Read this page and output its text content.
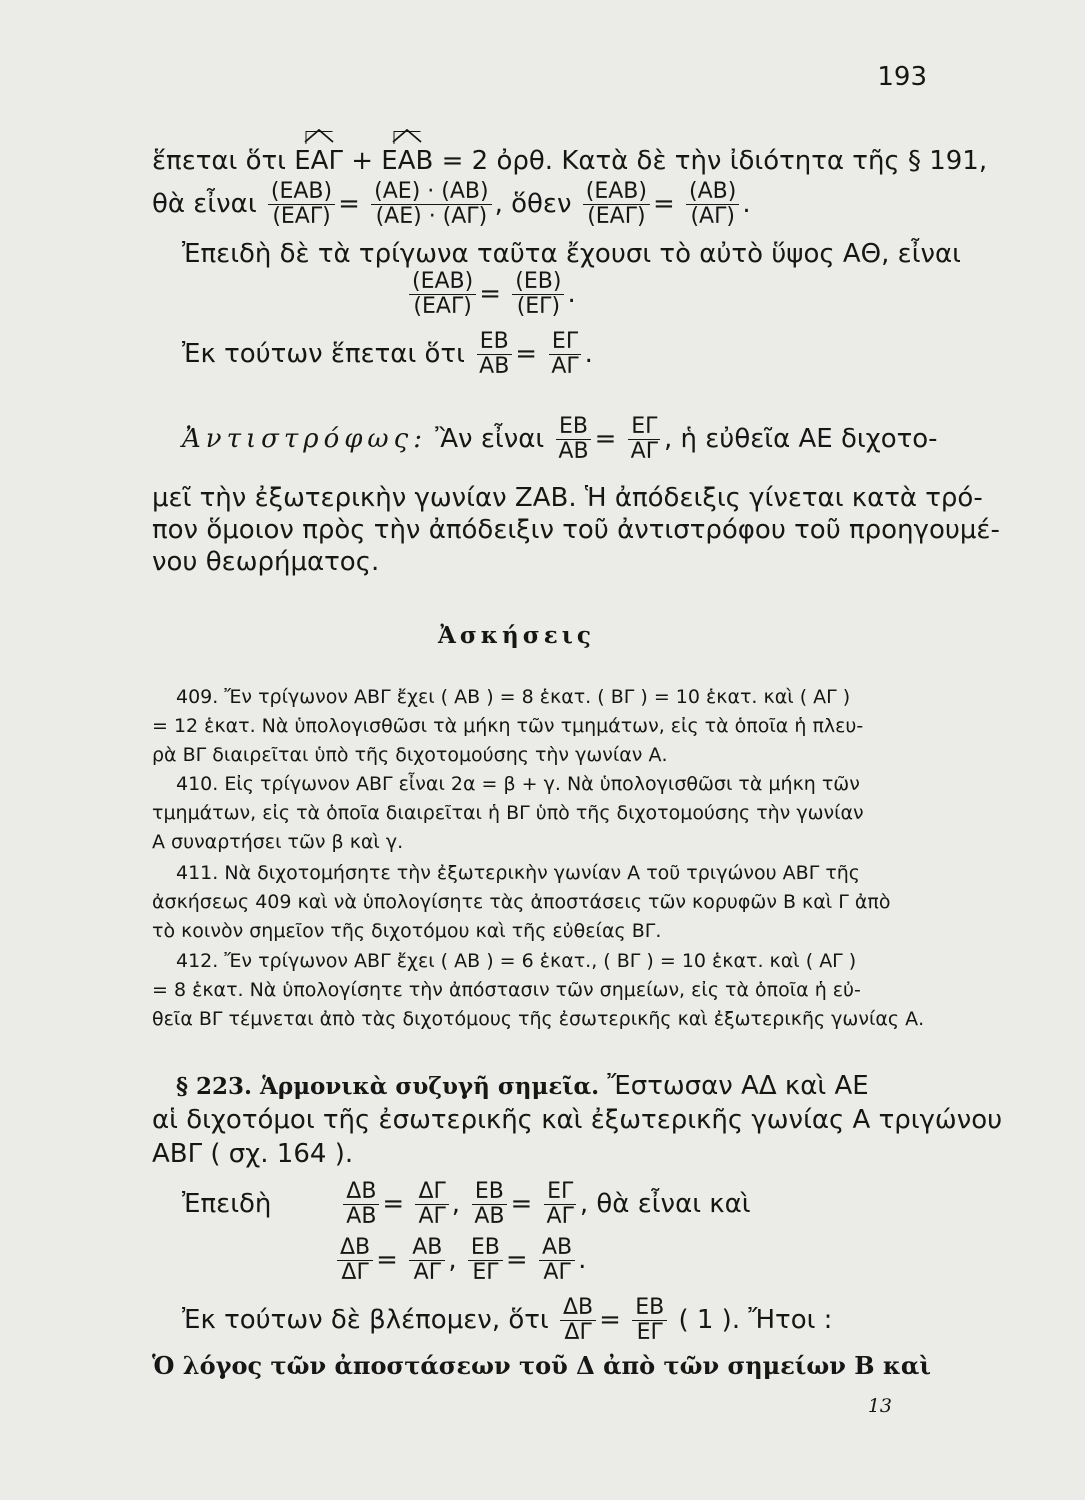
193
ἕπεται ὅτι ΕΑΓ + ΕΑΒ = 2 ὀρθ. Κατὰ δὲ τὴν ἰδιότητα τῆς § 191,
θὰ εἶναι $\frac{\text{(ΕΑΒ)}}{\text{(ΕΑΓ)}} = \frac{(AE) \cdot (AB)}{(AE) \cdot (A\Gamma)}$ , ὅθεν $\frac{\text{(ΕΑΒ)}}{\text{(ΕΑΓ)}} = \frac{(AB)}{(A\Gamma)}$ .
Ἐπειδὴ δὲ τὰ τρίγωνα ταῦτα ἔχουσι τὸ αὐτὸ ὕψος ΑΘ, εἶναι
$\frac{\text{(ΕΑΒ)}}{\text{(ΕΑΓ)}} = \frac{(EB)}{(E\Gamma)}$ .
Ἐκ τούτων ἕπεται ὅτι $\frac{EB}{AB} = \frac{E\Gamma}{A\Gamma}$ .
Ἀντιστρόφως: Ἂν εἶναι $\frac{EB}{AB} = \frac{E\Gamma}{A\Gamma}$ , ἡ εὐθεῖα ΑΕ διχοτο-
μεῖ τὴν ἐξωτερικὴν γωνίαν ΖΑΒ. Ἡ ἀπόδειξις γίνεται κατὰ τρό-
πον ὅμοιον πρὸς τὴν ἀπόδειξιν τοῦ ἀντιστρόφου τοῦ προηγουμέ-
νου θεωρήματος.
Ἀσκήσεις
409. Ἔν τρίγωνον ΑΒΓ ἔχει ( ΑΒ ) = 8 ἑκατ. ( ΒΓ ) = 10 ἑκατ. καὶ ( ΑΓ )
= 12 ἑκατ. Νὰ ὑπολογισθῶσι τὰ μήκη τῶν τμημάτων, εἰς τὰ ὁποῖα ἡ πλευ-
ρὰ ΒΓ διαιρεῖται ὑπὸ τῆς διχοτομούσης τὴν γωνίαν Α.
410. Εἰς τρίγωνον ΑΒΓ εἶναι 2α = β + γ. Νὰ ὑπολογισθῶσι τὰ μήκη τῶν
τμημάτων, εἰς τὰ ὁποῖα διαιρεῖται ἡ ΒΓ ὑπὸ τῆς διχοτομούσης τὴν γωνίαν
Α συναρτήσει τῶν β καὶ γ.
411. Νὰ διχοτομήσητε τὴν ἐξωτερικὴν γωνίαν Α τοῦ τριγώνου ΑΒΓ τῆς
ἀσκήσεως 409 καὶ νὰ ὑπολογίσητε τὰς ἀποστάσεις τῶν κορυφῶν Β καὶ Γ ἀπὸ
τὸ κοινὸν σημεῖον τῆς διχοτόμου καὶ τῆς εὐθείας ΒΓ.
412. Ἔν τρίγωνον ΑΒΓ ἔχει ( ΑΒ ) = 6 ἑκατ., ( ΒΓ ) = 10 ἑκατ. καὶ ( ΑΓ )
= 8 ἑκατ. Νὰ ὑπολογίσητε τὴν ἀπόστασιν τῶν σημείων, εἰς τὰ ὁποῖα ἡ εὐ-
θεῖα ΒΓ τέμνεται ἀπὸ τὰς διχοτόμους τῆς ἐσωτερικῆς καὶ ἐξωτερικῆς γωνίας Α.
§ 223. Ἁρμονικὰ συζυγῆ σημεῖα. Ἔστωσαν ΑΔ καὶ ΑΕ
αἱ διχοτόμοι τῆς ἐσωτερικῆς καὶ ἐξωτερικῆς γωνίας Α τριγώνου
ΑΒΓ ( σχ. 164 ).
Ἐπειδὴ	$\frac{\Delta B}{AB} = \frac{\Delta\Gamma}{A\Gamma}$ , $\frac{EB}{AB} = \frac{E\Gamma}{A\Gamma}$ , θὰ εἶναι καὶ
$\frac{\Delta B}{\Delta\Gamma} = \frac{AB}{A\Gamma}$ , $\frac{EB}{E\Gamma} = \frac{AB}{A\Gamma}$ .
Ἐκ τούτων δὲ βλέπομεν, ὅτι $\frac{\Delta B}{\Delta\Gamma} = \frac{EB}{E\Gamma}$ ( 1 ). Ἤτοι :
Ὁ λόγος τῶν ἀποστάσεων τοῦ Δ ἀπὸ τῶν σημείων Β καὶ
13
